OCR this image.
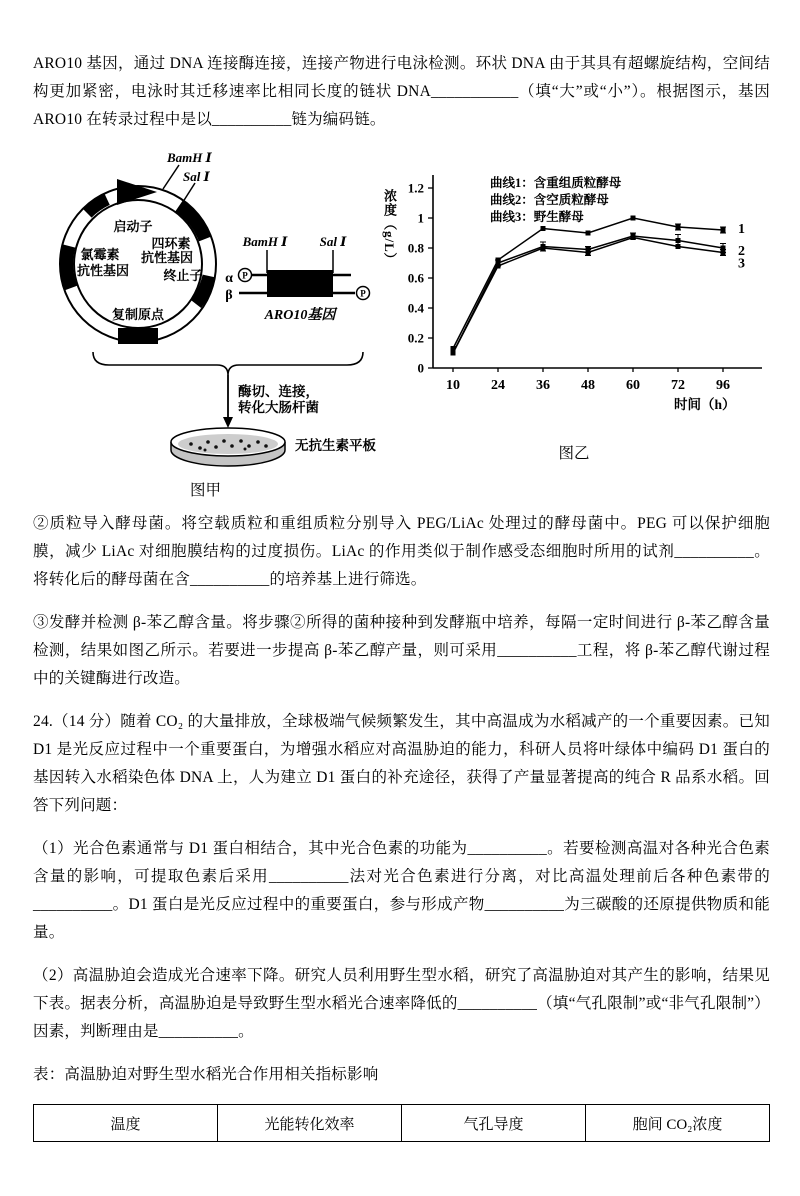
ARO10 基因，通过 DNA 连接酶连接，连接产物进行电泳检测。环状 DNA 由于其具有超螺旋结构，空间结构更加紧密，电泳时其迁移速率比相同长度的链状 DNA___________（填“大”或“小”）。根据图示，基因 ARO10 在转录过程中是以__________链为编码链。

BamH Ⅰ
Sal Ⅰ
启动子
四环素
抗性基因
终止子
氯霉素
抗性基因
复制原点
BamH Ⅰ Sal Ⅰ
α
β
P
P
ARO10基因
酶切、连接，
转化大肠杆菌
无抗生素平板
图甲
0
0.2
0.4
0.6
0.8
1
1.2
10 24 36 48 60 72 96
1
2
3
浓度（g/L）
时间（h）
曲线1：含重组质粒酵母
曲线2：含空质粒酵母
曲线3：野生酵母
图乙

②质粒导入酵母菌。将空载质粒和重组质粒分别导入 PEG/LiAc 处理过的酵母菌中。PEG 可以保护细胞膜，减少 LiAc 对细胞膜结构的过度损伤。LiAc 的作用类似于制作感受态细胞时所用的试剂__________。将转化后的酵母菌在含__________的培养基上进行筛选。

③发酵并检测 β-苯乙醇含量。将步骤②所得的菌种接种到发酵瓶中培养，每隔一定时间进行 β-苯乙醇含量检测，结果如图乙所示。若要进一步提高 β-苯乙醇产量，则可采用__________工程，将 β-苯乙醇代谢过程中的关键酶进行改造。

24.（14 分）随着 CO₂ 的大量排放，全球极端气候频繁发生，其中高温成为水稻减产的一个重要因素。已知 D1 是光反应过程中一个重要蛋白，为增强水稻应对高温胁迫的能力，科研人员将叶绿体中编码 D1 蛋白的基因转入水稻染色体 DNA 上，人为建立 D1 蛋白的补充途径，获得了产量显著提高的纯合 R 品系水稻。回答下列问题：

（1）光合色素通常与 D1 蛋白相结合，其中光合色素的功能为__________。若要检测高温对各种光合色素含量的影响，可提取色素后采用__________法对光合色素进行分离，对比高温处理前后各种色素带的__________。D1 蛋白是光反应过程中的重要蛋白，参与形成产物__________为三碳酸的还原提供物质和能量。

（2）高温胁迫会造成光合速率下降。研究人员利用野生型水稻，研究了高温胁迫对其产生的影响，结果见下表。据表分析，高温胁迫是导致野生型水稻光合速率降低的__________（填“气孔限制”或“非气孔限制”）因素，判断理由是__________。

表：高温胁迫对野生型水稻光合作用相关指标影响

温度	光能转化效率	气孔导度	胞间 CO₂浓度
